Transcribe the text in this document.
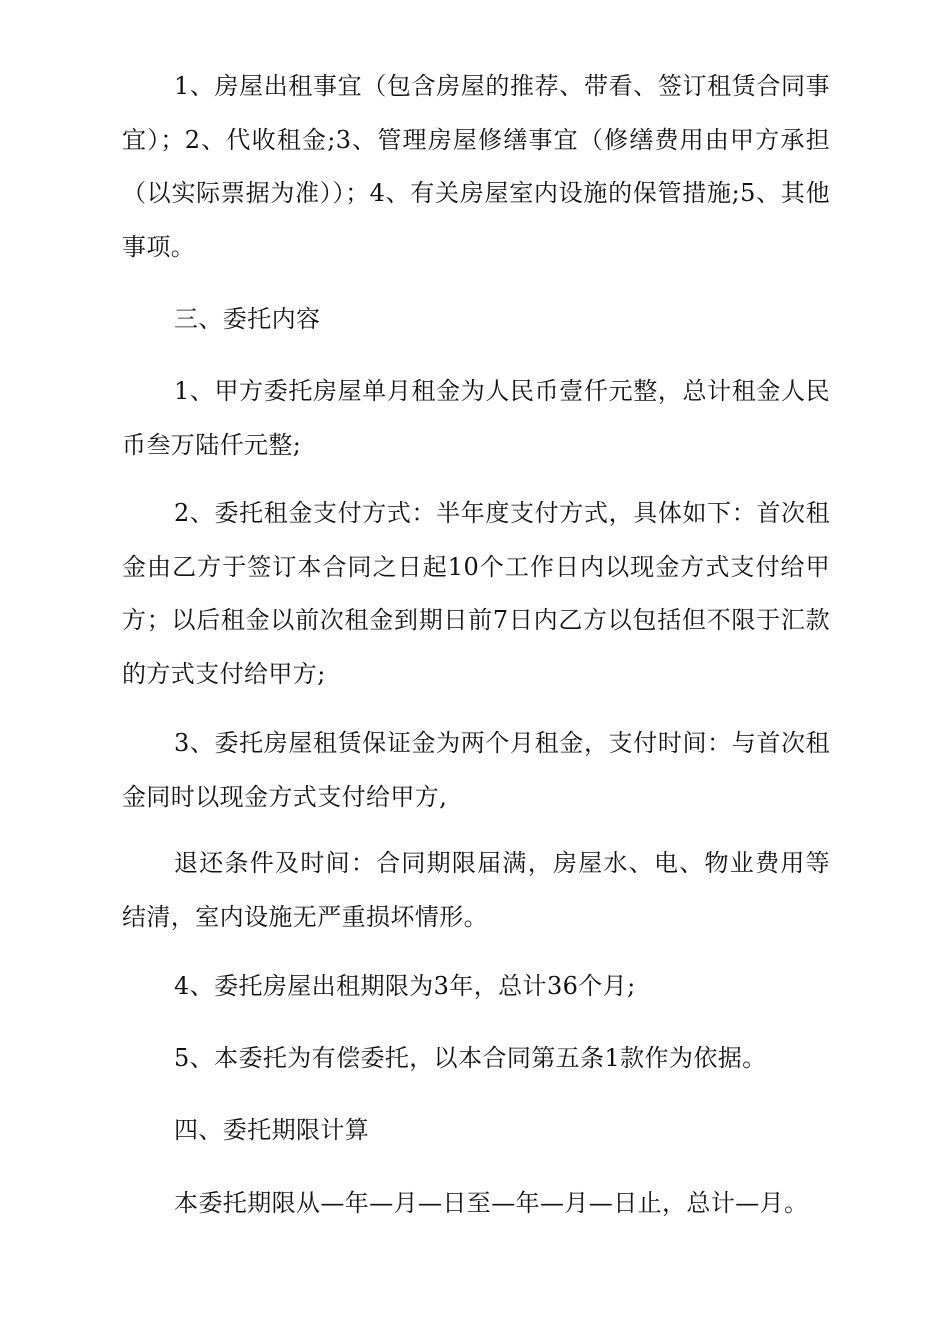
1、房屋出租事宜（包含房屋的推荐、带看、签订租赁合同事宜）；2、代收租金;3、管理房屋修缮事宜（修缮费用由甲方承担（以实际票据为准））；4、有关房屋室内设施的保管措施;5、其他事项。

三、委托内容

1、甲方委托房屋单月租金为人民币壹仟元整，总计租金人民币叁万陆仟元整;

2、委托租金支付方式：半年度支付方式，具体如下：首次租金由乙方于签订本合同之日起10个工作日内以现金方式支付给甲方；以后租金以前次租金到期日前7日内乙方以包括但不限于汇款的方式支付给甲方;

3、委托房屋租赁保证金为两个月租金，支付时间：与首次租金同时以现金方式支付给甲方,

退还条件及时间：合同期限届满，房屋水、电、物业费用等结清，室内设施无严重损坏情形。

4、委托房屋出租期限为3年，总计36个月;

5、本委托为有偿委托，以本合同第五条1款作为依据。

四、委托期限计算

本委托期限从—年—月—日至—年—月—日止，总计—月。
